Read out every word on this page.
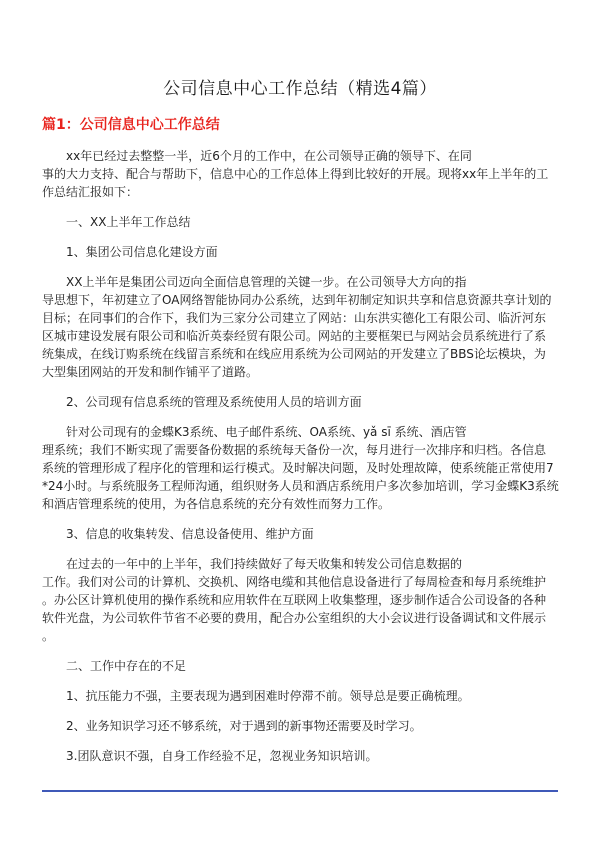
公司信息中心工作总结（精选4篇）
篇1：公司信息中心工作总结
xx年已经过去整整一半，近6个月的工作中，在公司领导正确的领导下、在同
事的大力支持、配合与帮助下，信息中心的工作总体上得到比较好的开展。现将xx年上半年的工
作总结汇报如下：
一、XX上半年工作总结
1、集团公司信息化建设方面
XX上半年是集团公司迈向全面信息管理的关键一步。在公司领导大方向的指
导思想下，年初建立了OA网络智能协同办公系统，达到年初制定知识共享和信息资源共享计划的
目标；在同事们的合作下，我们为三家分公司建立了网站：山东洪实德化工有限公司、临沂河东
区城市建设发展有限公司和临沂英泰经贸有限公司。网站的主要框架已与网站会员系统进行了系
统集成，在线订购系统在线留言系统和在线应用系统为公司网站的开发建立了BBS论坛模块，为
大型集团网站的开发和制作铺平了道路。
2、公司现有信息系统的管理及系统使用人员的培训方面
针对公司现有的金蝶K3系统、电子邮件系统、OA系统、yǎ sī 系统、酒店管
理系统；我们不断实现了需要备份数据的系统每天备份一次，每月进行一次排序和归档。各信息
系统的管理形成了程序化的管理和运行模式。及时解决问题，及时处理故障，使系统能正常使用7
*24小时。与系统服务工程师沟通，组织财务人员和酒店系统用户多次参加培训，学习金蝶K3系统
和酒店管理系统的使用，为各信息系统的充分有效性而努力工作。
3、信息的收集转发、信息设备使用、维护方面
在过去的一年中的上半年，我们持续做好了每天收集和转发公司信息数据的
工作。我们对公司的计算机、交换机、网络电缆和其他信息设备进行了每周检查和每月系统维护
。办公区计算机使用的操作系统和应用软件在互联网上收集整理，逐步制作适合公司设备的各种
软件光盘，为公司软件节省不必要的费用，配合办公室组织的大小会议进行设备调试和文件展示
。
二、工作中存在的不足
1、抗压能力不强，主要表现为遇到困难时停滞不前。领导总是要正确梳理。
2、业务知识学习还不够系统，对于遇到的新事物还需要及时学习。
3.团队意识不强，自身工作经验不足，忽视业务知识培训。
